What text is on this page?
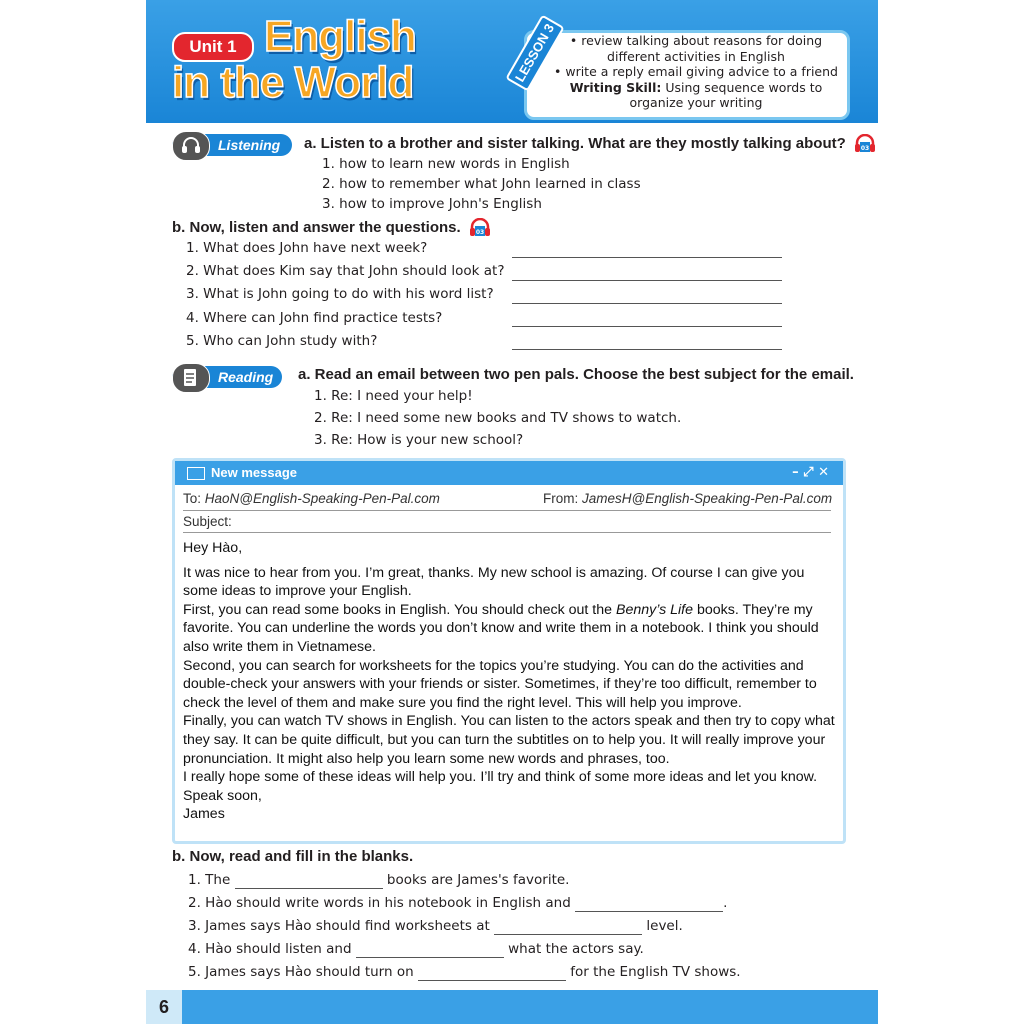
Unit 1 English
in the World	LESSON 3	• review talking about reasons for doing different activities in English
• write a reply email giving advice to a friend
Writing Skill: Using sequence words to organize your writing
Listening a. Listen to a brother and sister talking. What are they mostly talking about? 03
1. how to learn new words in English
2. how to remember what John learned in class
3. how to improve John's English
b. Now, listen and answer the questions. 03
1. What does John have next week?
2. What does Kim say that John should look at?
3. What is John going to do with his word list?
4. Where can John find practice tests?
5. Who can John study with?
Reading a. Read an email between two pen pals. Choose the best subject for the email.
1. Re: I need your help!
2. Re: I need some new books and TV shows to watch.
3. Re: How is your new school?
New message	– ⤢ ✕
To: HaoN@English-Speaking-Pen-Pal.com	From: JamesH@English-Speaking-Pen-Pal.com
Subject:

Hey Hào,

It was nice to hear from you. I’m great, thanks. My new school is amazing. Of course I can give you some ideas to improve your English.

First, you can read some books in English. You should check out the Benny’s Life books. They’re my favorite. You can underline the words you don’t know and write them in a notebook. I think you should also write them in Vietnamese.

Second, you can search for worksheets for the topics you’re studying. You can do the activities and double-check your answers with your friends or sister. Sometimes, if they’re too difficult, remember to check the level of them and make sure you find the right level. This will help you improve.

Finally, you can watch TV shows in English. You can listen to the actors speak and then try to copy what they say. It can be quite difficult, but you can turn the subtitles on to help you. It will really improve your pronunciation. It might also help you learn some new words and phrases, too.

I really hope some of these ideas will help you. I’ll try and think of some more ideas and let you know.

Speak soon,

James

b. Now, read and fill in the blanks.
1. The	books are James's favorite.
2. Hào should write words in his notebook in English and	.
3. James says Hào should find worksheets at	level.
4. Hào should listen and	what the actors say.
5. James says Hào should turn on	for the English TV shows.
6
